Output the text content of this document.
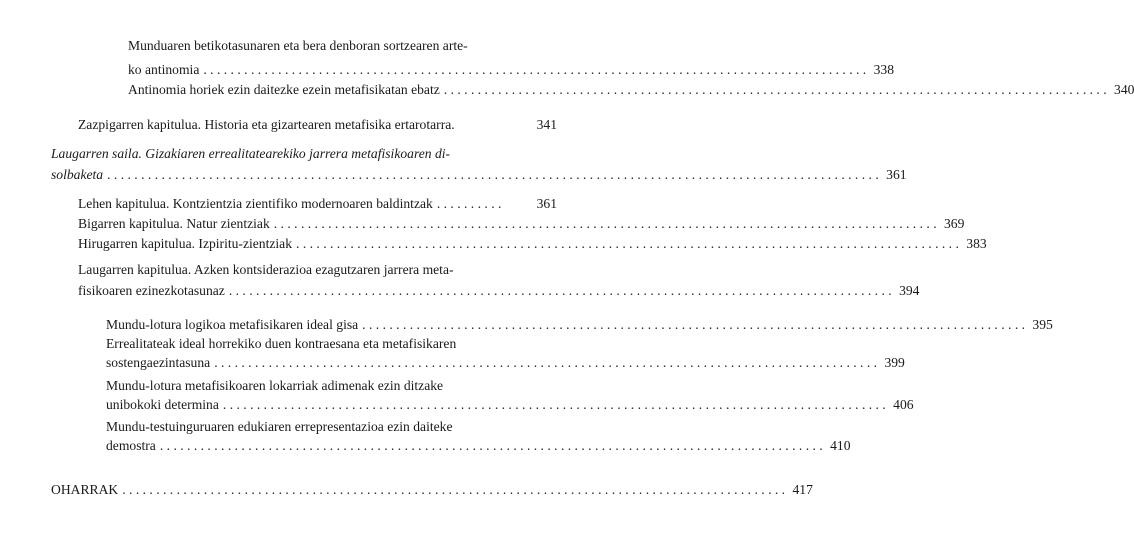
Munduaren betikotasunaren eta bera denboran sortzearen arte-
ko antinomia .................................................................................................. 338
Antinomia horiek ezin daitezke ezein metafisikatan ebatz .................................................................................................. 340
Zazpigarren kapitulua. Historia eta gizartearen metafisika ertarotarra.	341
Laugarren saila. Gizakiaren errealitatearekiko jarrera metafisikoaren di-
solbaketa .................................................................................................................. 361
Lehen kapitulua. Kontzientzia zientifiko modernoaren baldintzak ..........	361
Bigarren kapitulua. Natur zientziak .................................................................................................. 369
Hirugarren kapitulua. Izpiritu-zientziak .................................................................................................. 383
Laugarren kapitulua. Azken kontsiderazioa ezagutzaren jarrera meta-
fisikoaren ezinezkotasunaz .................................................................................................. 394
Mundu-lotura logikoa metafisikaren ideal gisa .................................................................................................. 395
Errealitateak ideal horrekiko duen kontraesana eta metafisikaren
sostengaezintasuna .................................................................................................. 399
Mundu-lotura metafisikoaren lokarriak adimenak ezin ditzake
unibokoki determina .................................................................................................. 406
Mundu-testuinguruaren edukiaren errepresentazioa ezin daiteke
demostra .................................................................................................. 410
OHARRAK .................................................................................................. 417
